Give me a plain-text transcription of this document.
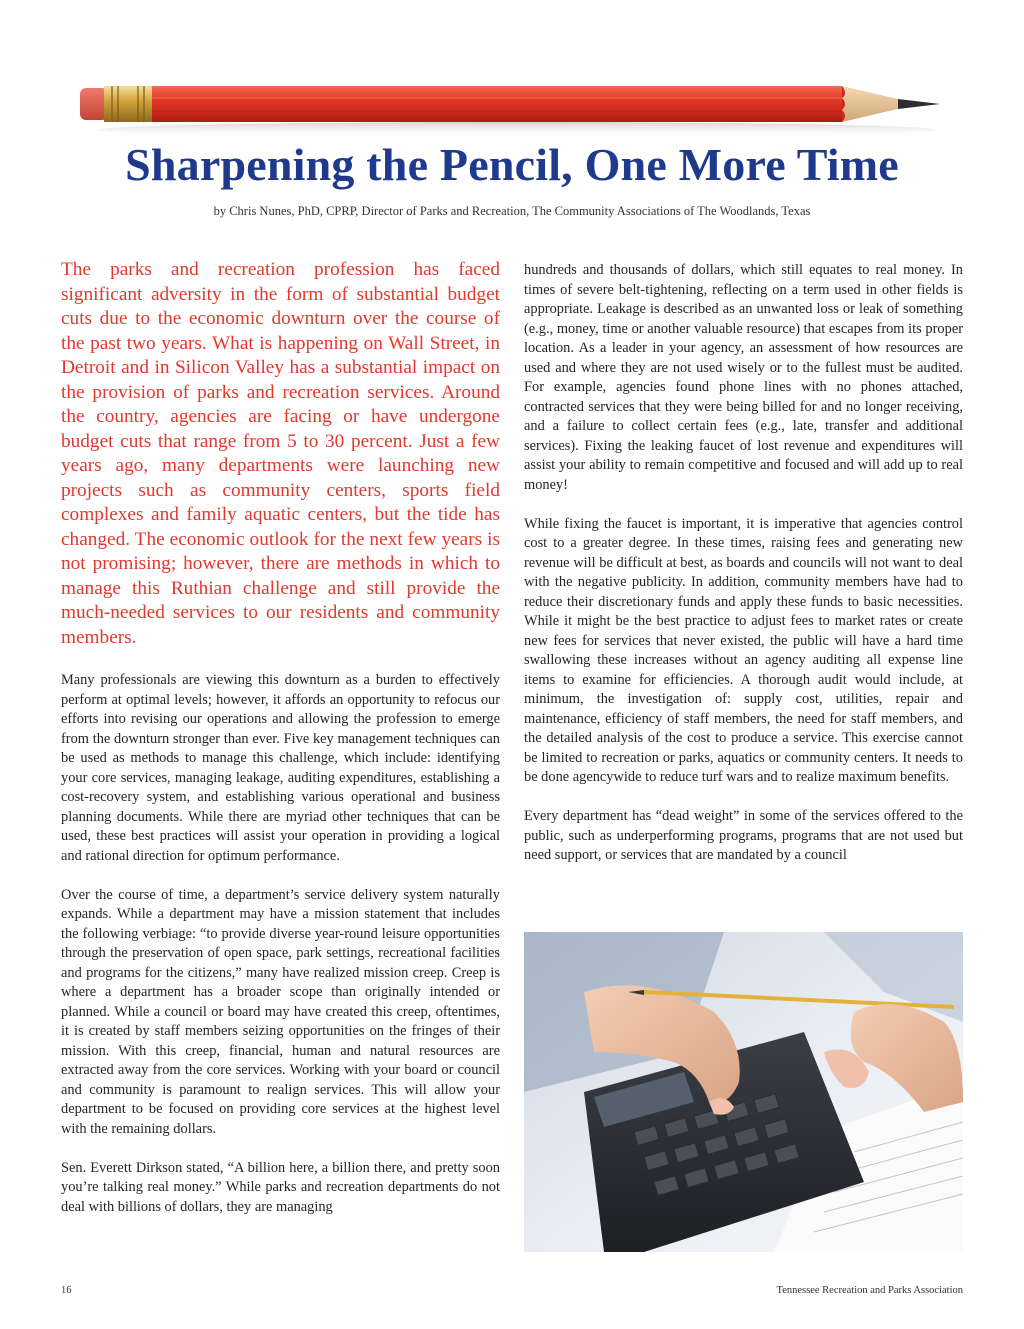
Sharpening the Pencil, One More Time

by Chris Nunes, PhD, CPRP, Director of Parks and Recreation, The Community Associations of The Woodlands, Texas

The parks and recreation profession has faced significant adversity in the form of substantial budget cuts due to the economic downturn over the course of the past two years. What is happening on Wall Street, in Detroit and in Silicon Valley has a substantial impact on the provision of parks and recreation services. Around the country, agencies are facing or have undergone budget cuts that range from 5 to 30 percent. Just a few years ago, many departments were launching new projects such as community centers, sports field complexes and family aquatic centers, but the tide has changed. The economic outlook for the next few years is not promising; however, there are methods in which to manage this Ruthian challenge and still provide the much-needed services to our residents and community members.

Many professionals are viewing this downturn as a burden to effectively perform at optimal levels; however, it affords an opportunity to refocus our efforts into revising our operations and allowing the profession to emerge from the downturn stronger than ever. Five key management techniques can be used as methods to manage this challenge, which include: identifying your core services, managing leakage, auditing expenditures, establishing a cost-recovery system, and establishing various operational and business planning documents. While there are myriad other techniques that can be used, these best practices will assist your operation in providing a logical and rational direction for optimum performance.

Over the course of time, a department’s service delivery system naturally expands. While a department may have a mission statement that includes the following verbiage: “to provide diverse year-round leisure opportunities through the preservation of open space, park settings, recreational facilities and programs for the citizens,” many have realized mission creep. Creep is where a department has a broader scope than originally intended or planned. While a council or board may have created this creep, oftentimes, it is created by staff members seizing opportunities on the fringes of their mission. With this creep, financial, human and natural resources are extracted away from the core services. Working with your board or council and community is paramount to realign services. This will allow your department to be focused on providing core services at the highest level with the remaining dollars.

Sen. Everett Dirkson stated, “A billion here, a billion there, and pretty soon you’re talking real money.” While parks and recreation departments do not deal with billions of dollars, they are managing

hundreds and thousands of dollars, which still equates to real money. In times of severe belt-tightening, reflecting on a term used in other fields is appropriate. Leakage is described as an unwanted loss or leak of something (e.g., money, time or another valuable resource) that escapes from its proper location. As a leader in your agency, an assessment of how resources are used and where they are not used wisely or to the fullest must be audited. For example, agencies found phone lines with no phones attached, contracted services that they were being billed for and no longer receiving, and a failure to collect certain fees (e.g., late, transfer and additional services). Fixing the leaking faucet of lost revenue and expenditures will assist your ability to remain competitive and focused and will add up to real money!

While fixing the faucet is important, it is imperative that agencies control cost to a greater degree. In these times, raising fees and generating new revenue will be difficult at best, as boards and councils will not want to deal with the negative publicity. In addition, community members have had to reduce their discretionary funds and apply these funds to basic necessities. While it might be the best practice to adjust fees to market rates or create new fees for services that never existed, the public will have a hard time swallowing these increases without an agency auditing all expense line items to examine for efficiencies. A thorough audit would include, at minimum, the investigation of: supply cost, utilities, repair and maintenance, efficiency of staff members, the need for staff members, and the detailed analysis of the cost to produce a service. This exercise cannot be limited to recreation or parks, aquatics or community centers. It needs to be done agencywide to reduce turf wars and to realize maximum benefits.

Every department has “dead weight” in some of the services offered to the public, such as underperforming programs, programs that are not used but need support, or services that are mandated by a council

16	Tennessee Recreation and Parks Association
